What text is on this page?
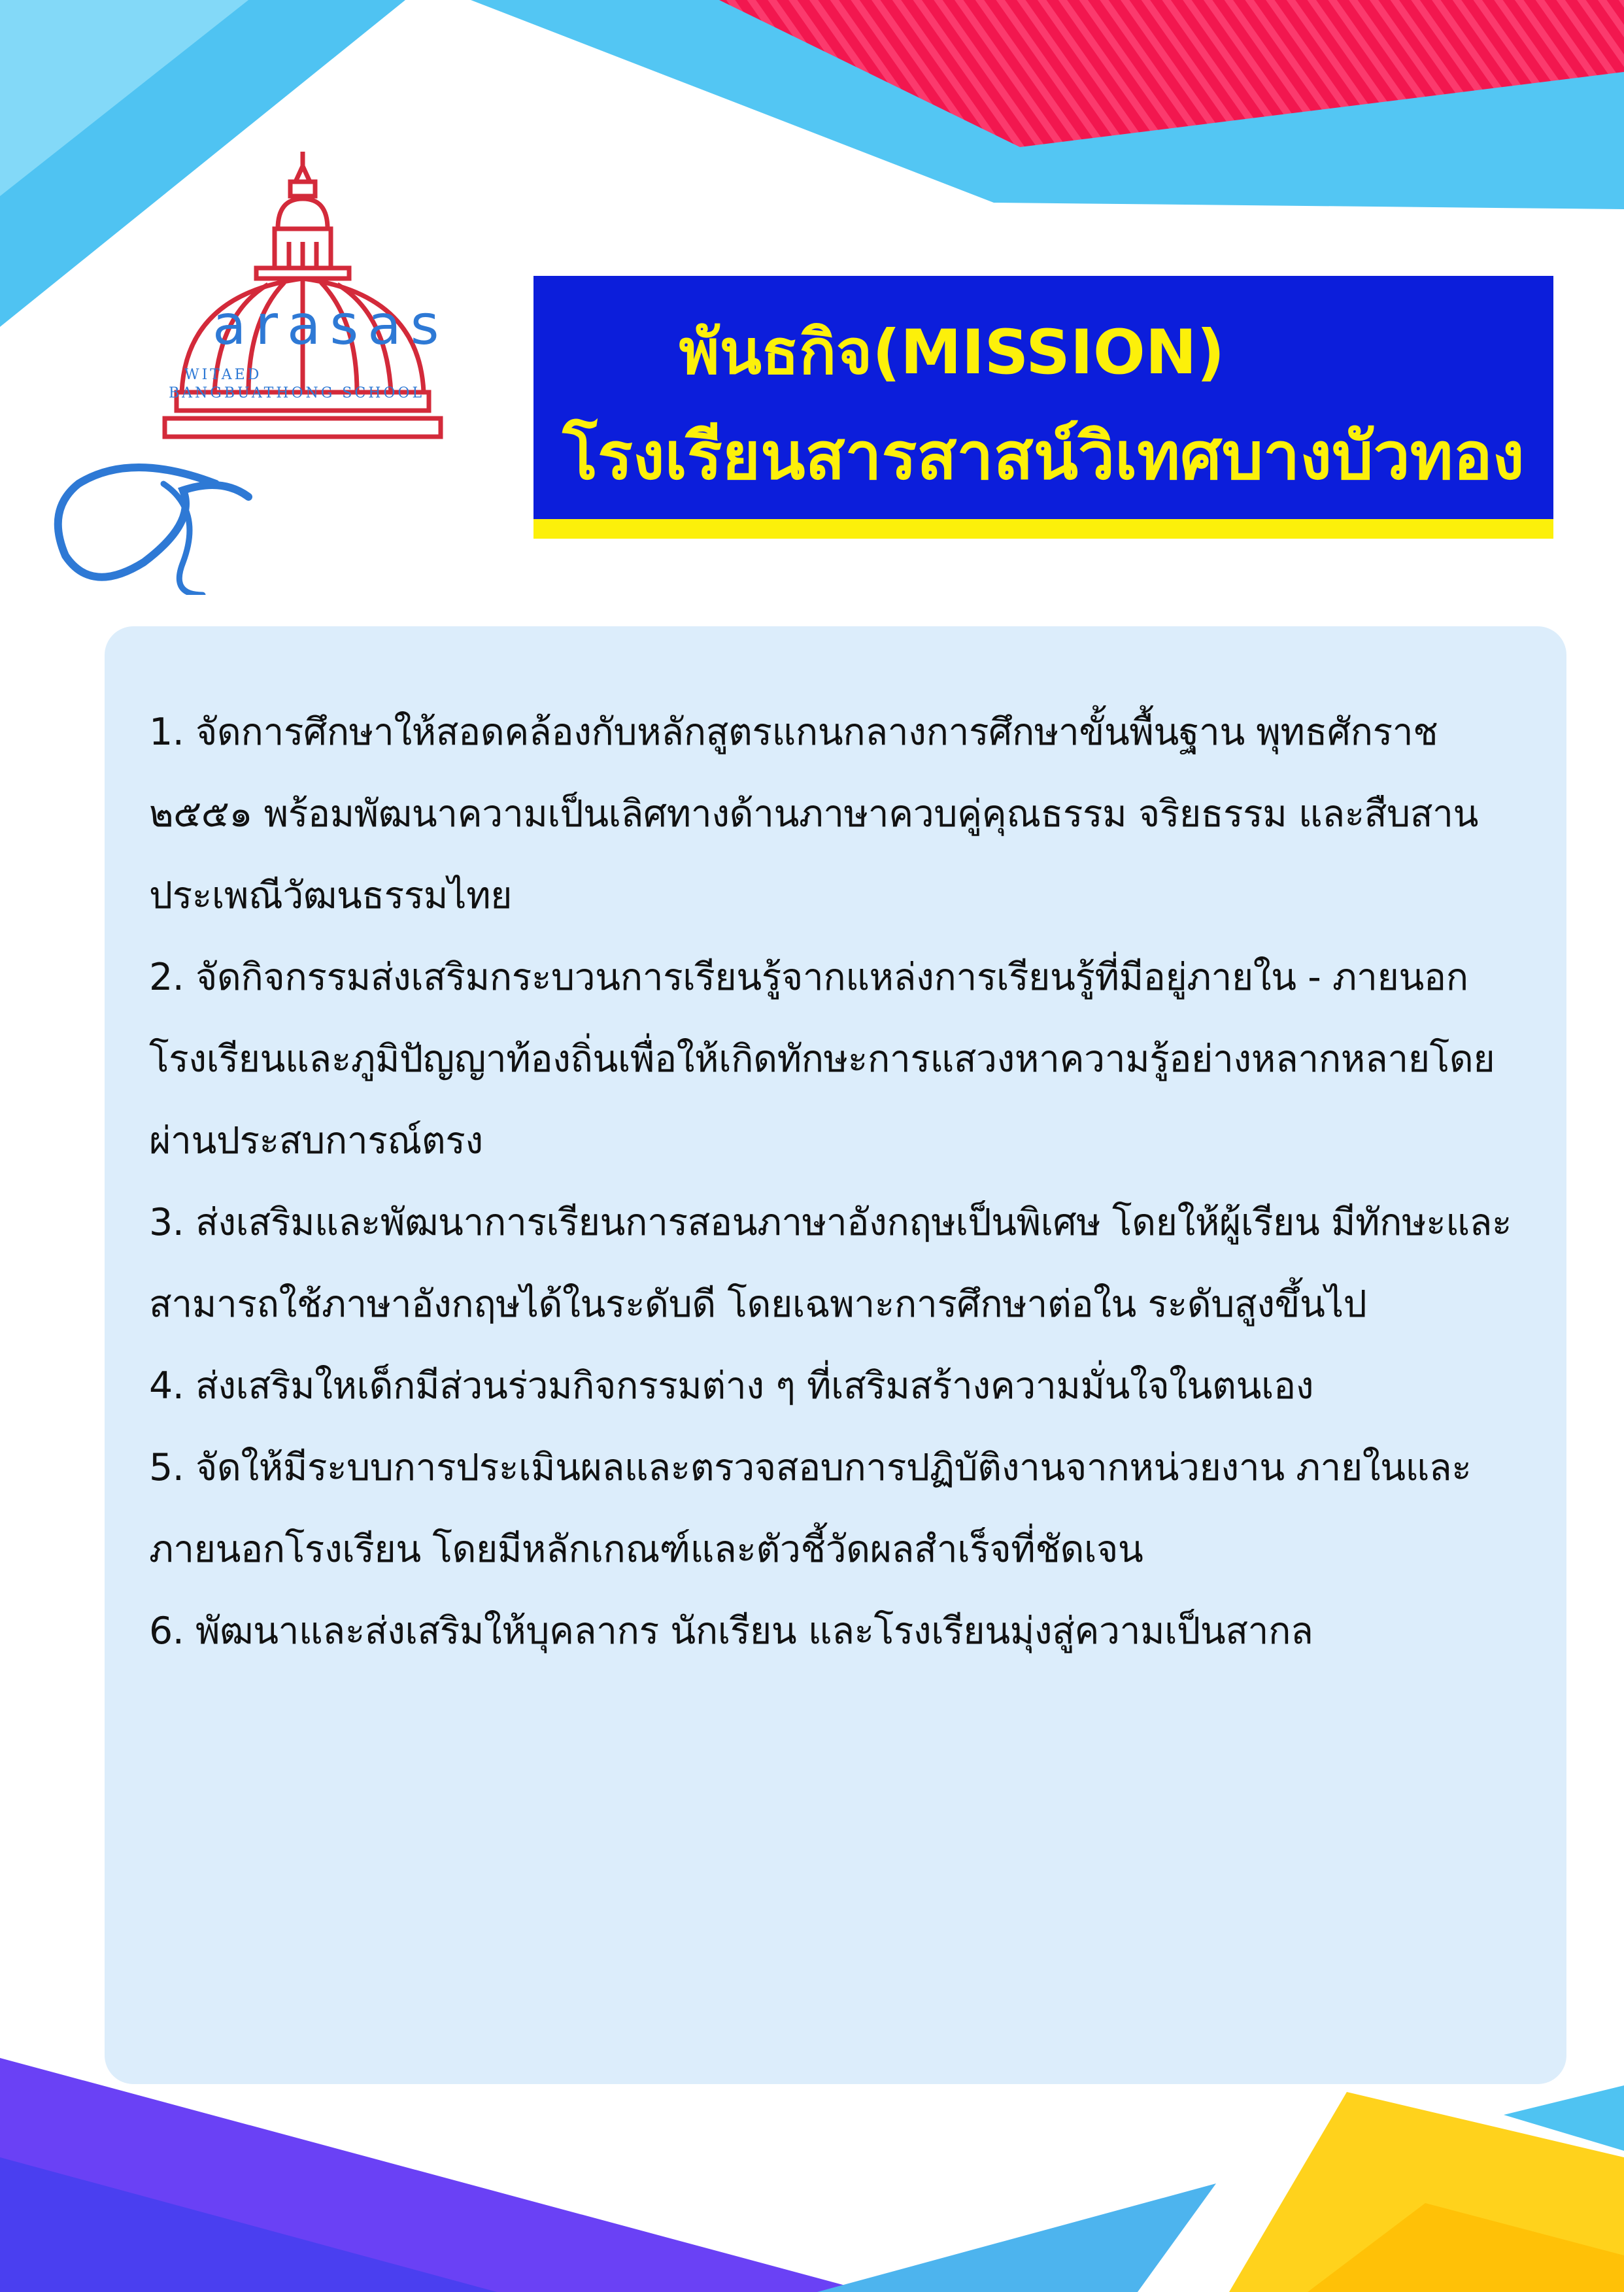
arasas
WITAED
BANGBUATHONG SCHOOL
พันธกิจ(MISSION)
โรงเรียนสารสาสน์วิเทศบางบัวทอง
1. จัดการศึกษาให้สอดคล้องกับหลักสูตรแกนกลางการศึกษาขั้นพื้นฐาน พุทธศักราช ๒๕๕๑ พร้อมพัฒนาความเป็นเลิศทางด้านภาษาควบคู่คุณธรรม จริยธรรม และสืบสานประเพณีวัฒนธรรมไทย
2. จัดกิจกรรมส่งเสริมกระบวนการเรียนรู้จากแหล่งการเรียนรู้ที่มีอยู่ภายใน - ภายนอกโรงเรียนและภูมิปัญญาท้องถิ่นเพื่อให้เกิดทักษะการแสวงหาความรู้อย่างหลากหลายโดยผ่านประสบการณ์ตรง
3. ส่งเสริมและพัฒนาการเรียนการสอนภาษาอังกฤษเป็นพิเศษ โดยให้ผู้เรียน มีทักษะและสามารถใช้ภาษาอังกฤษได้ในระดับดี โดยเฉพาะการศึกษาต่อใน ระดับสูงขึ้นไป
4. ส่งเสริมใหเด็กมีส่วนร่วมกิจกรรมต่าง ๆ ที่เสริมสร้างความมั่นใจในตนเอง
5. จัดให้มีระบบการประเมินผลและตรวจสอบการปฏิบัติงานจากหน่วยงาน ภายในและภายนอกโรงเรียน โดยมีหลักเกณฑ์และตัวชี้วัดผลสำเร็จที่ชัดเจน
6. พัฒนาและส่งเสริมให้บุคลากร นักเรียน และโรงเรียนมุ่งสู่ความเป็นสากล
